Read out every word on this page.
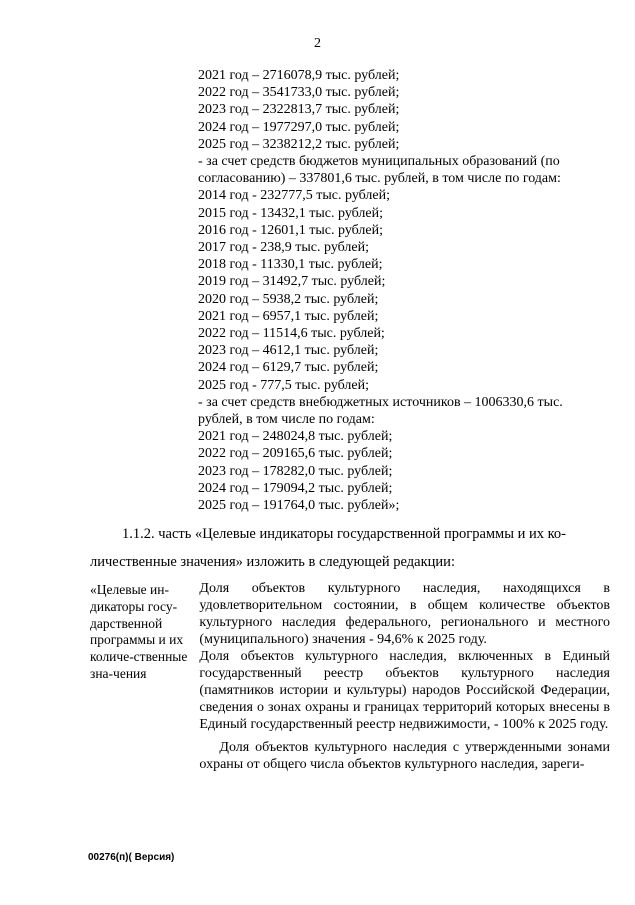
2
2021 год – 2716078,9 тыс. рублей;
2022 год – 3541733,0 тыс. рублей;
2023 год – 2322813,7 тыс. рублей;
2024 год – 1977297,0 тыс. рублей;
2025 год – 3238212,2 тыс. рублей;
- за счет средств бюджетов муниципальных образований (по
согласованию) – 337801,6 тыс. рублей, в том числе по годам:
2014 год - 232777,5 тыс. рублей;
2015 год - 13432,1 тыс. рублей;
2016 год - 12601,1 тыс. рублей;
2017 год - 238,9 тыс. рублей;
2018 год - 11330,1 тыс. рублей;
2019 год – 31492,7 тыс. рублей;
2020 год – 5938,2 тыс. рублей;
2021 год – 6957,1 тыс. рублей;
2022 год – 11514,6 тыс. рублей;
2023 год – 4612,1 тыс. рублей;
2024 год – 6129,7 тыс. рублей;
2025 год - 777,5 тыс. рублей;
- за счет средств внебюджетных источников – 1006330,6 тыс.
рублей, в том числе по годам:
2021 год – 248024,8 тыс. рублей;
2022 год – 209165,6 тыс. рублей;
2023 год – 178282,0 тыс. рублей;
2024 год – 179094,2 тыс. рублей;
2025 год – 191764,0 тыс. рублей»;
1.1.2. часть «Целевые индикаторы государственной программы и их ко-
личественные значения» изложить в следующей редакции:
«Целевые ин-дикаторы госу-дарственной программы и их количе-ственные зна-чения

Доля объектов культурного наследия, находящихся в удовлетворительном состоянии, в общем количестве объектов культурного наследия федерального, регионального и местного (муниципального) значения - 94,6% к 2025 году.

Доля объектов культурного наследия, включенных в Единый государственный реестр объектов культурного наследия (памятников истории и культуры) народов Российской Федерации, сведения о зонах охраны и границах территорий которых внесены в Единый государственный реестр недвижимости, - 100% к 2025 году.

Доля объектов культурного наследия с утвержденными зонами охраны от общего числа объектов культурного наследия, зареги-

00276(п)( Версия)
